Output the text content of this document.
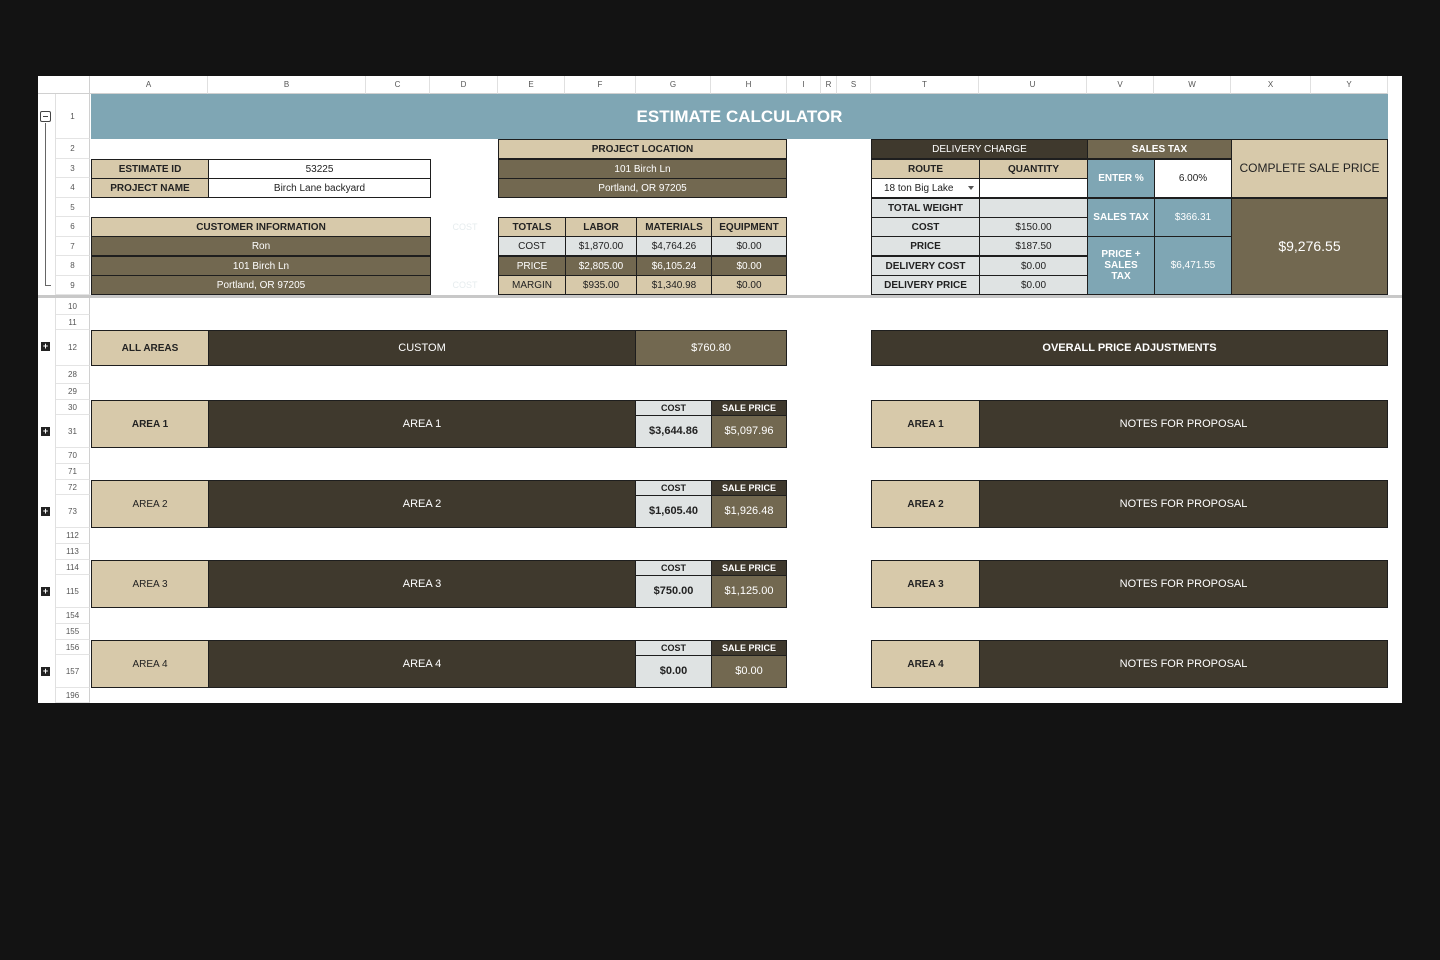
A	B	C	D	E	F	G	H	I	R	S	T	U	V	W	X	Y
1
2
3
4
5
6
7
8
9
10
11
12
28
29
30
31
70
71
72
73
112
113
114
115
154
155
156
157
196
+
+
+
+
+
ESTIMATE CALCULATOR
ESTIMATE ID	53225
PROJECT NAME	Birch Lane backyard
CUSTOMER INFORMATION
Ron
101 Birch Ln
Portland, OR 97205
COST
COST
PROJECT LOCATION
101 Birch Ln
Portland, OR 97205
TOTALS	LABOR	MATERIALS	EQUIPMENT
COST	$1,870.00	$4,764.26	$0.00
PRICE	$2,805.00	$6,105.24	$0.00
MARGIN	$935.00	$1,340.98	$0.00
DELIVERY CHARGE
ROUTE	QUANTITY
18 ton Big Lake
TOTAL WEIGHT
COST	$150.00
PRICE	$187.50
DELIVERY COST	$0.00
DELIVERY PRICE	$0.00
SALES TAX
ENTER %	6.00%
SALES TAX	$366.31
PRICE + SALES TAX
$6,471.55
COMPLETE SALE PRICE
$9,276.55
ALL AREAS	CUSTOM	$760.80	OVERALL PRICE ADJUSTMENTS
AREA 1	AREA 1
COST	SALE PRICE
$3,644.86	$5,097.96
AREA 1	NOTES FOR PROPOSAL
AREA 2	AREA 2
COST	SALE PRICE
$1,605.40	$1,926.48
AREA 2	NOTES FOR PROPOSAL
AREA 3	AREA 3
COST	SALE PRICE
$750.00	$1,125.00
AREA 3	NOTES FOR PROPOSAL
AREA 4	AREA 4
COST	SALE PRICE
$0.00	$0.00
AREA 4	NOTES FOR PROPOSAL
